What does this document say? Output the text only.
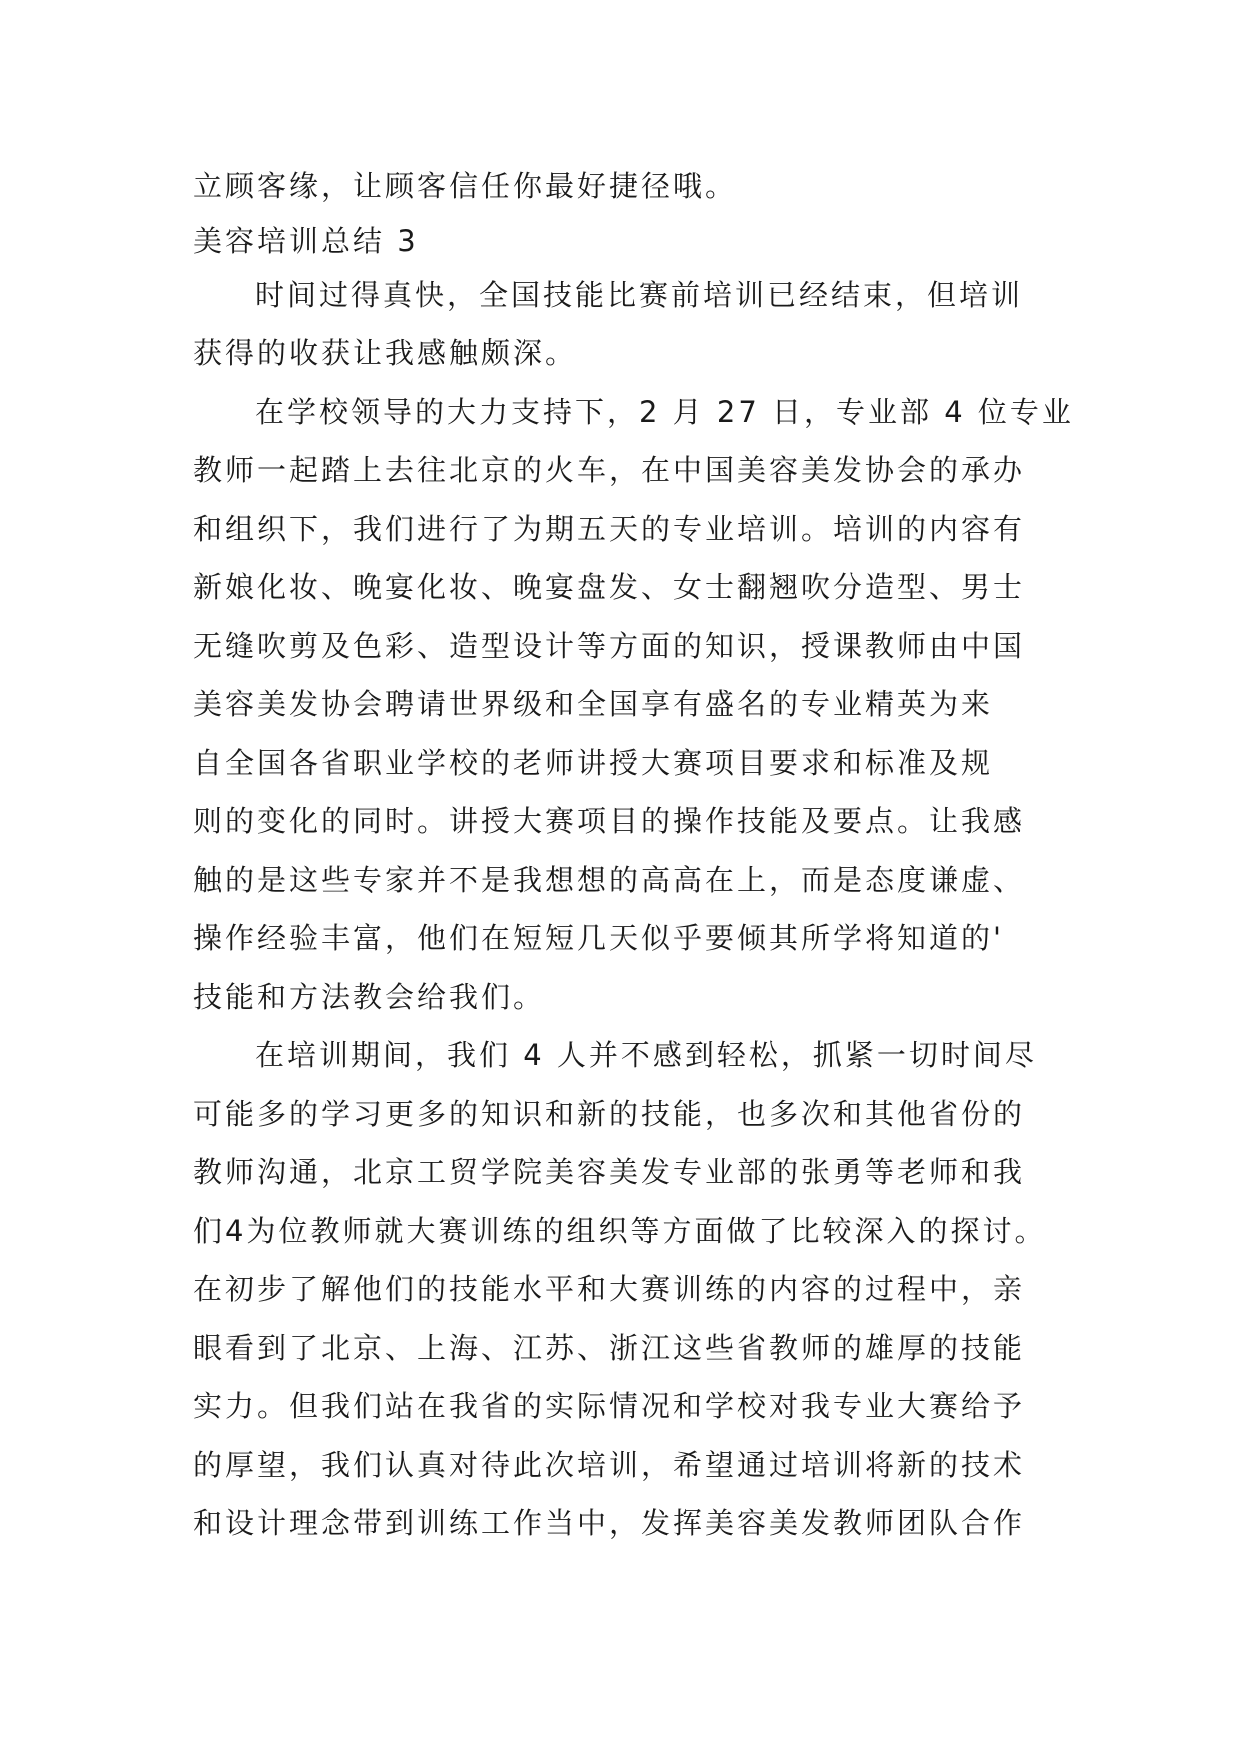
立顾客缘，让顾客信任你最好捷径哦。
美容培训总结 3
时间过得真快，全国技能比赛前培训已经结束，但培训
获得的收获让我感触颇深。
在学校领导的大力支持下，2 月 27 日，专业部 4 位专业
教师一起踏上去往北京的火车，在中国美容美发协会的承办
和组织下，我们进行了为期五天的专业培训。培训的内容有
新娘化妆、晚宴化妆、晚宴盘发、女士翻翘吹分造型、男士
无缝吹剪及色彩、造型设计等方面的知识，授课教师由中国
美容美发协会聘请世界级和全国享有盛名的专业精英为来
自全国各省职业学校的老师讲授大赛项目要求和标准及规
则的变化的同时。讲授大赛项目的操作技能及要点。让我感
触的是这些专家并不是我想想的高高在上，而是态度谦虚、
操作经验丰富，他们在短短几天似乎要倾其所学将知道的'
技能和方法教会给我们。
在培训期间，我们 4 人并不感到轻松，抓紧一切时间尽
可能多的学习更多的知识和新的技能，也多次和其他省份的
教师沟通，北京工贸学院美容美发专业部的张勇等老师和我
们4为位教师就大赛训练的组织等方面做了比较深入的探讨。
在初步了解他们的技能水平和大赛训练的内容的过程中，亲
眼看到了北京、上海、江苏、浙江这些省教师的雄厚的技能
实力。但我们站在我省的实际情况和学校对我专业大赛给予
的厚望，我们认真对待此次培训，希望通过培训将新的技术
和设计理念带到训练工作当中，发挥美容美发教师团队合作
